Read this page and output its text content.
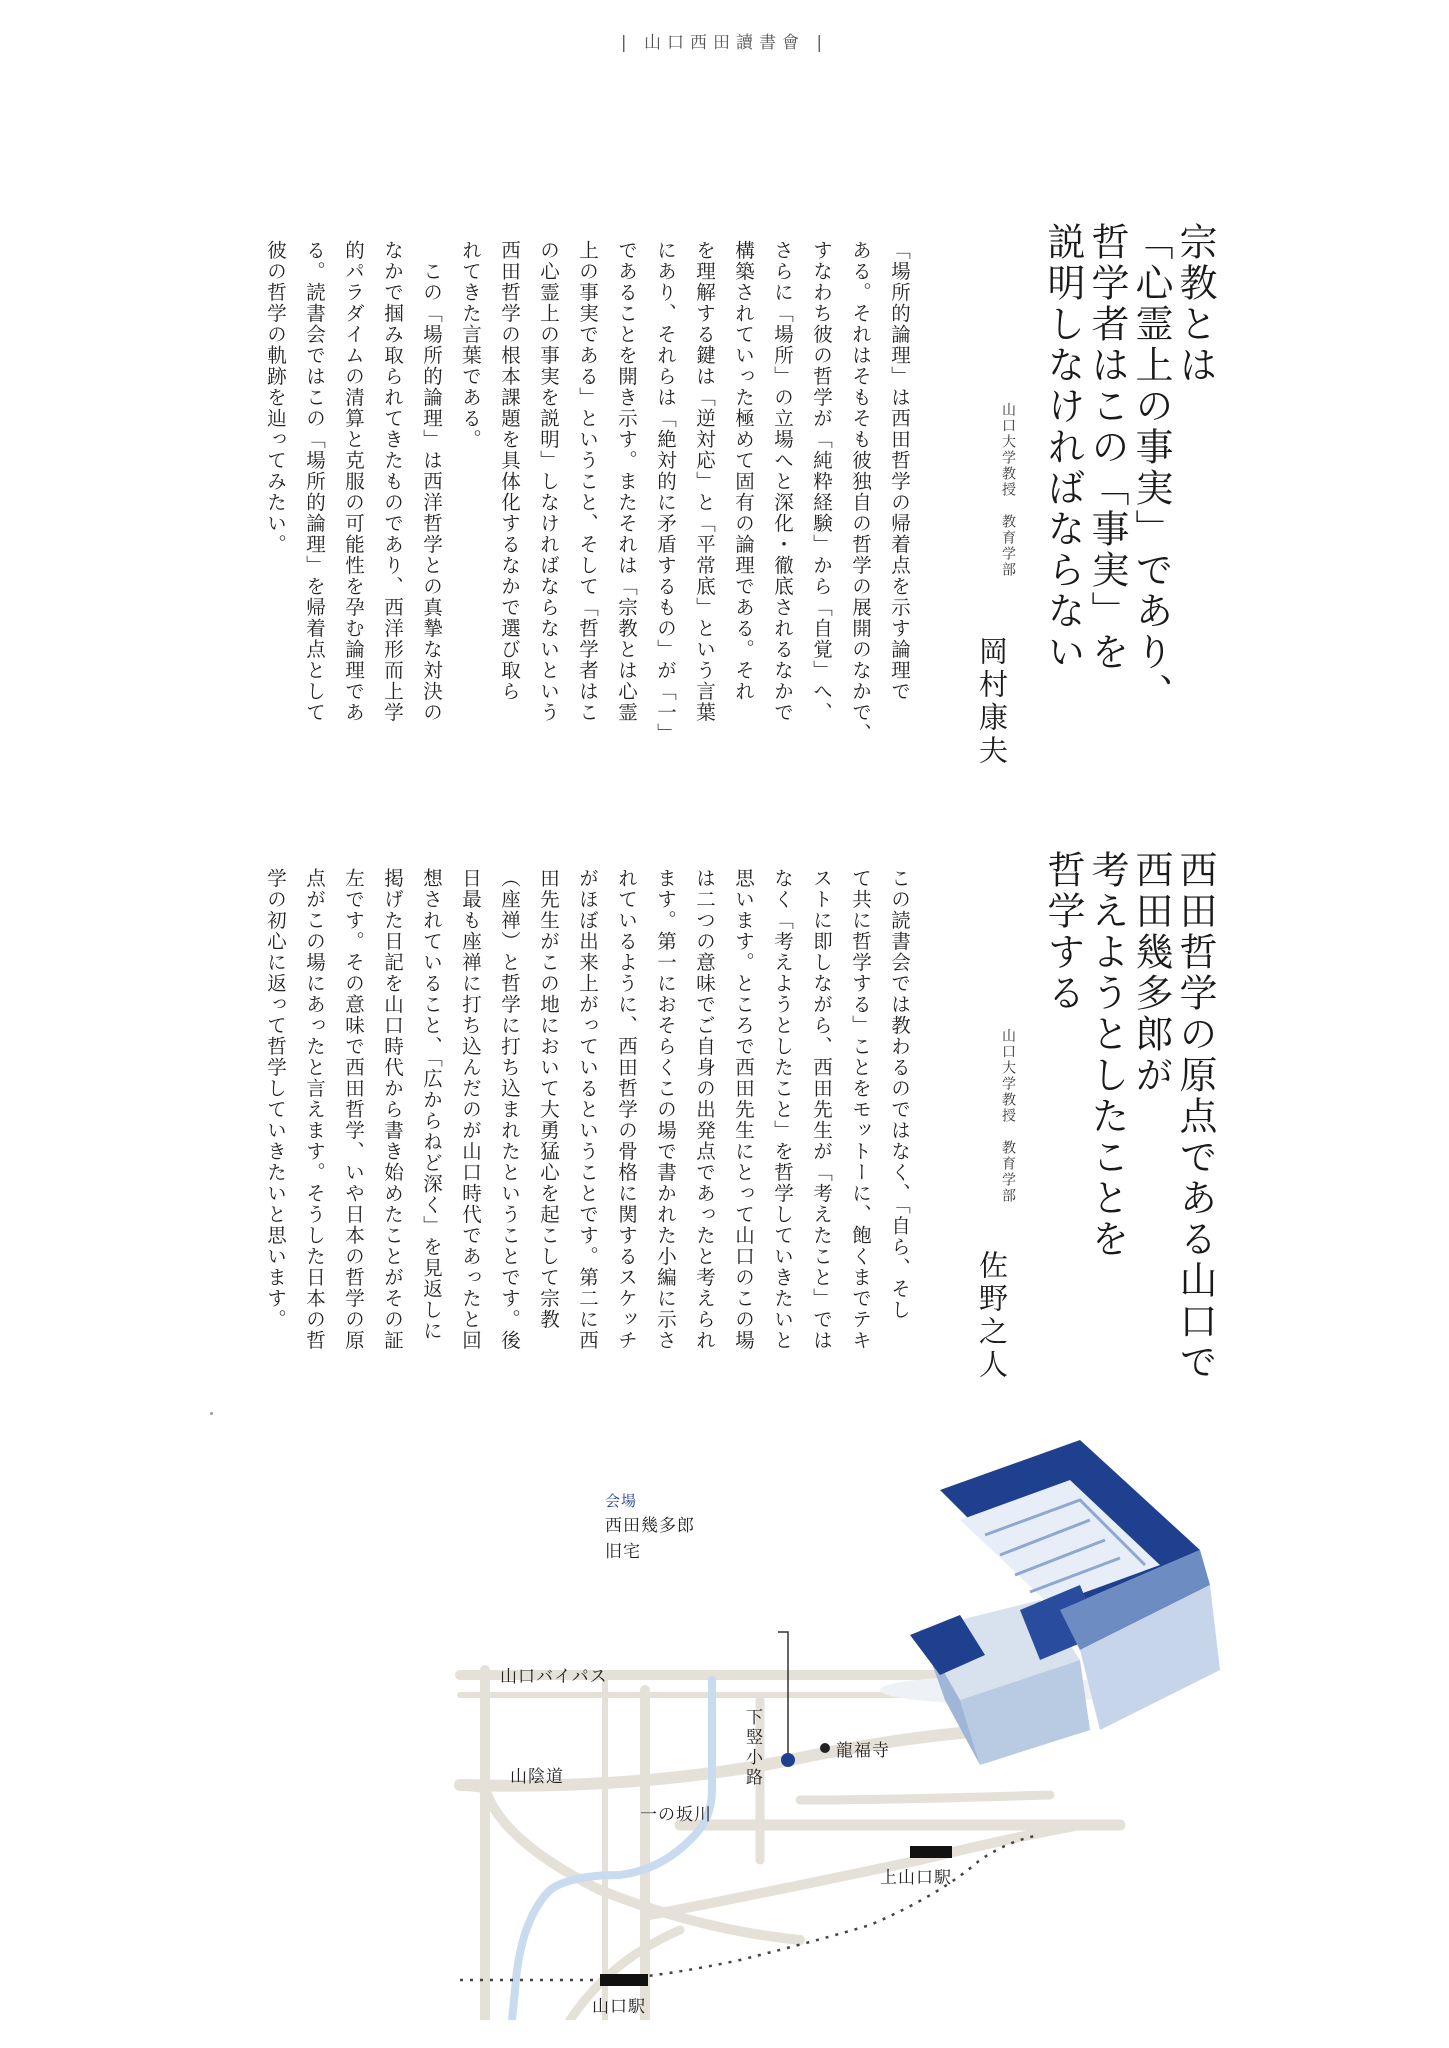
| 山口西田讀書會 |
宗教とは
「心霊上の事実」であり、
哲学者はこの「事実」を
説明しなければならない
山口大学教授　教育学部
岡村康夫
「場所的論理」は西田哲学の帰着点を示す論理で
ある。それはそもそも彼独自の哲学の展開のなかで、
すなわち彼の哲学が「純粋経験」から「自覚」へ、
さらに「場所」の立場へと深化・徹底されるなかで
構築されていった極めて固有の論理である。それ
を理解する鍵は「逆対応」と「平常底」という言葉
にあり、それらは「絶対的に矛盾するもの」が「一」
であることを開き示す。またそれは「宗教とは心霊
上の事実である」ということ、そして「哲学者はこ
の心霊上の事実を説明」しなければならないという
西田哲学の根本課題を具体化するなかで選び取ら
れてきた言葉である。
　この「場所的論理」は西洋哲学との真摯な対決の
なかで掴み取られてきたものであり、西洋形而上学
的パラダイムの清算と克服の可能性を孕む論理であ
る。読書会ではこの「場所的論理」を帰着点として
彼の哲学の軌跡を辿ってみたい。
西田哲学の原点である山口で
西田幾多郎が
考えようとしたことを
哲学する
山口大学教授　教育学部
佐野之人
この読書会では教わるのではなく、「自ら、そし
て共に哲学する」ことをモットーに、飽くまでテキ
ストに即しながら、西田先生が「考えたこと」では
なく「考えようとしたこと」を哲学していきたいと
思います。ところで西田先生にとって山口のこの場
は二つの意味でご自身の出発点であったと考えられ
ます。第一におそらくこの場で書かれた小編に示さ
れているように、西田哲学の骨格に関するスケッチ
がほぼ出来上がっているということです。第二に西
田先生がこの地において大勇猛心を起こして宗教
（座禅）と哲学に打ち込まれたということです。後
日最も座禅に打ち込んだのが山口時代であったと回
想されていること、「広からねど深く」を見返しに
掲げた日記を山口時代から書き始めたことがその証
左です。その意味で西田哲学、いや日本の哲学の原
点がこの場にあったと言えます。そうした日本の哲
学の初心に返って哲学していきたいと思います。
会場
西田幾多郎
旧宅
山口バイパス
下竪小路	龍福寺
山陰道
一の坂川
上山口駅
山口駅
